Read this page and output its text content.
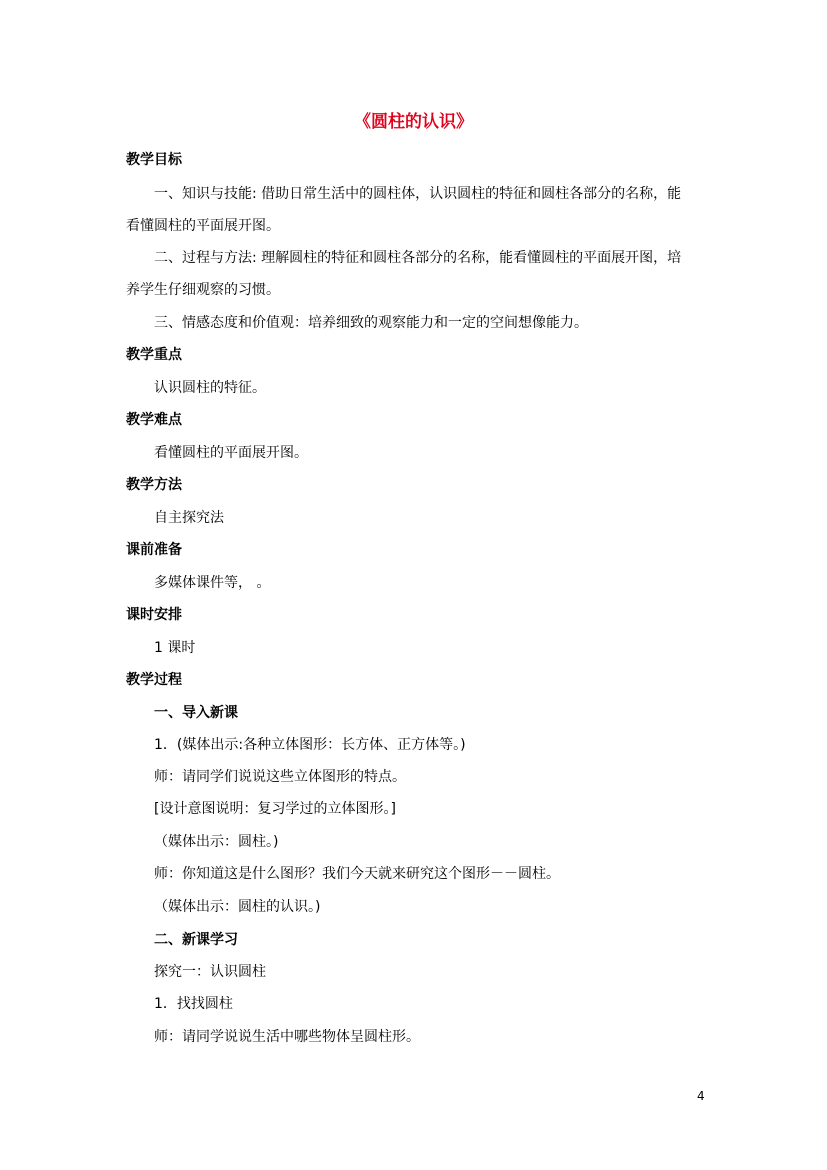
《圆柱的认识》
教学目标
一、知识与技能: 借助日常生活中的圆柱体，认识圆柱的特征和圆柱各部分的名称，能
看懂圆柱的平面展开图。
二、过程与方法: 理解圆柱的特征和圆柱各部分的名称，能看懂圆柱的平面展开图，培
养学生仔细观察的习惯。
三、情感态度和价值观：培养细致的观察能力和一定的空间想像能力。
教学重点
认识圆柱的特征。
教学难点
看懂圆柱的平面展开图。
教学方法
自主探究法
课前准备
多媒体课件等， 。
课时安排
1 课时
教学过程
一、导入新课
1．(媒体出示:各种立体图形：长方体、正方体等。)
师：请同学们说说这些立体图形的特点。
[设计意图说明：复习学过的立体图形。]
（媒体出示：圆柱。)
师：你知道这是什么图形？我们今天就来研究这个图形－－圆柱。
（媒体出示：圆柱的认识。)
二、新课学习
探究一：认识圆柱
1．找找圆柱
师：请同学说说生活中哪些物体呈圆柱形。
4
